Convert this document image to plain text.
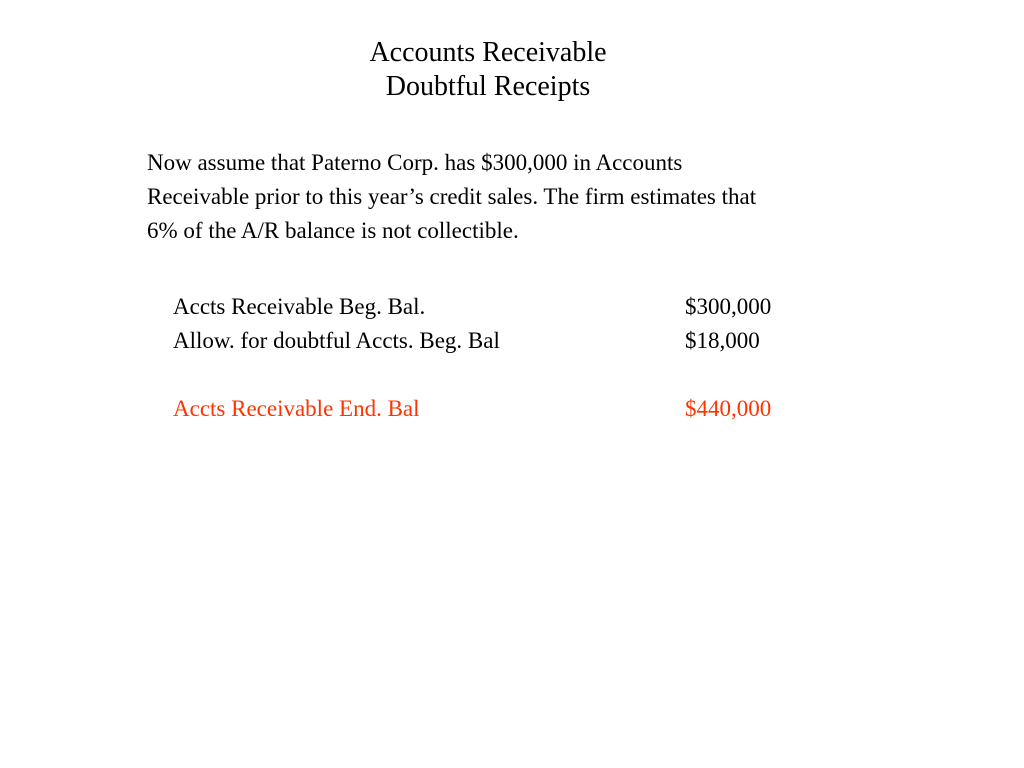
Accounts Receivable
Doubtful Receipts
Now assume that Paterno Corp. has $300,000 in Accounts
Receivable prior to this year’s credit sales. The firm estimates that
6% of the A/R balance is not collectible.
Accts Receivable Beg. Bal.	$300,000
Allow. for doubtful Accts. Beg. Bal	$18,000
Accts Receivable End. Bal	$440,000
